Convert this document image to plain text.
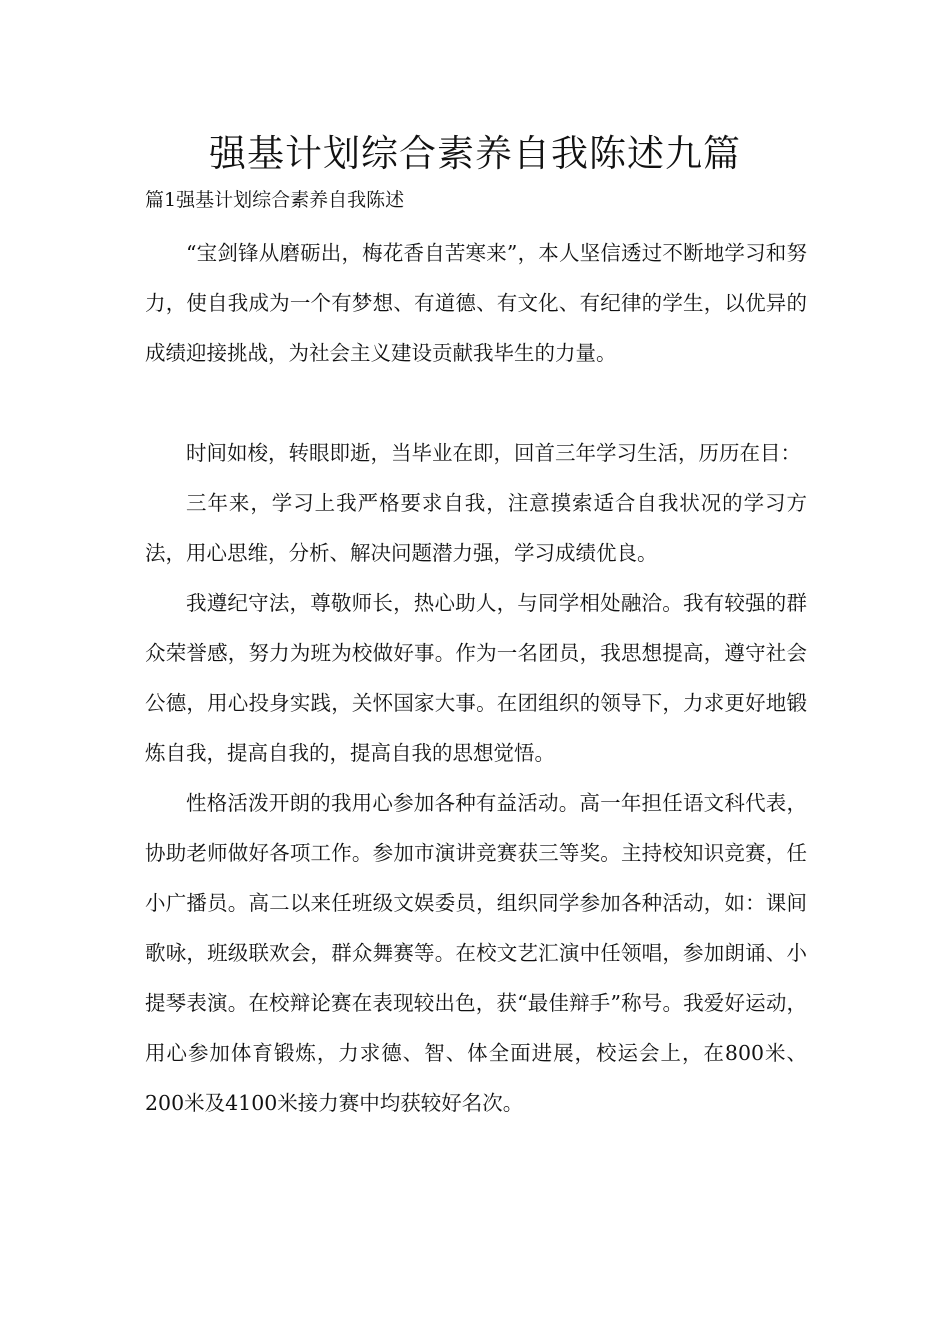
强基计划综合素养自我陈述九篇
篇1强基计划综合素养自我陈述

“宝剑锋从磨砺出，梅花香自苦寒来”，本人坚信透过不断地学习和努力，使自我成为一个有梦想、有道德、有文化、有纪律的学生，以优异的成绩迎接挑战，为社会主义建设贡献我毕生的力量。

时间如梭，转眼即逝，当毕业在即，回首三年学习生活，历历在目：

三年来，学习上我严格要求自我，注意摸索适合自我状况的学习方法，用心思维，分析、解决问题潜力强，学习成绩优良。

我遵纪守法，尊敬师长，热心助人，与同学相处融洽。我有较强的群众荣誉感，努力为班为校做好事。作为一名团员，我思想提高，遵守社会公德，用心投身实践，关怀国家大事。在团组织的领导下，力求更好地锻炼自我，提高自我的，提高自我的思想觉悟。

性格活泼开朗的我用心参加各种有益活动。高一年担任语文科代表，协助老师做好各项工作。参加市演讲竞赛获三等奖。主持校知识竞赛，任小广播员。高二以来任班级文娱委员，组织同学参加各种活动，如：课间歌咏，班级联欢会，群众舞赛等。在校文艺汇演中任领唱，参加朗诵、小提琴表演。在校辩论赛在表现较出色，获“最佳辩手”称号。我爱好运动，用心参加体育锻炼，力求德、智、体全面进展，校运会上，在800米、200米及4100米接力赛中均获较好名次。
